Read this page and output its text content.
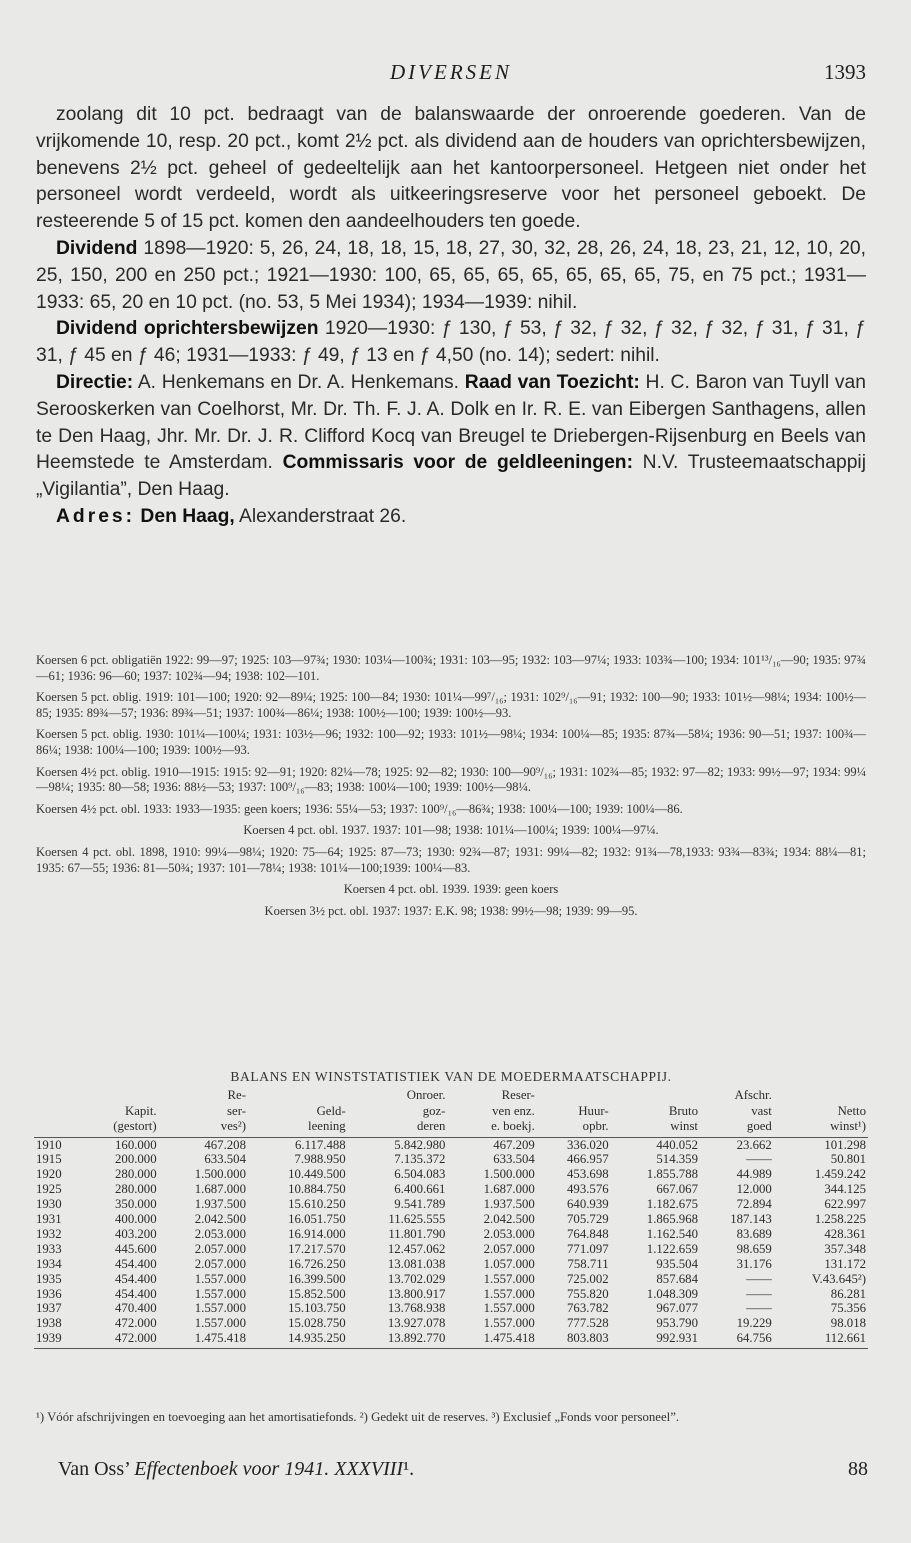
DIVERSEN	1393

zoolang dit 10 pct. bedraagt van de balanswaarde der onroerende goederen. Van de vrijkomende 10, resp. 20 pct., komt 2½ pct. als dividend aan de houders van oprichtersbewijzen, benevens 2½ pct. geheel of gedeeltelijk aan het kantoorpersoneel. Hetgeen niet onder het personeel wordt verdeeld, wordt als uitkeeringsreserve voor het personeel geboekt. De resteerende 5 of 15 pct. komen den aandeelhouders ten goede.

Dividend 1898—1920: 5, 26, 24, 18, 18, 15, 18, 27, 30, 32, 28, 26, 24, 18, 23, 21, 12, 10, 20, 25, 150, 200 en 250 pct.; 1921—1930: 100, 65, 65, 65, 65, 65, 65, 65, 75, en 75 pct.; 1931—1933: 65, 20 en 10 pct. (no. 53, 5 Mei 1934); 1934—1939: nihil.

Dividend oprichtersbewijzen 1920—1930: ƒ 130, ƒ 53, ƒ 32, ƒ 32, ƒ 32, ƒ 32, ƒ 31, ƒ 31, ƒ 31, ƒ 45 en ƒ 46; 1931—1933: ƒ 49, ƒ 13 en ƒ 4,50 (no. 14); sedert: nihil.

Directie: A. Henkemans en Dr. A. Henkemans. Raad van Toezicht: H. C. Baron van Tuyll van Serooskerken van Coelhorst, Mr. Dr. Th. F. J. A. Dolk en Ir. R. E. van Eibergen Santhagens, allen te Den Haag, Jhr. Mr. Dr. J. R. Clifford Kocq van Breugel te Driebergen-Rijsenburg en Beels van Heemstede te Amsterdam. Commissaris voor de geldleeningen: N.V. Trusteemaatschappij „Vigilantia”, Den Haag.

Adres: Den Haag, Alexanderstraat 26.

Koersen 6 pct. obligatiën 1922: 99—97; 1925: 103—97¾; 1930: 103¼—100¾; 1931: 103—95; 1932: 103—97¼; 1933: 103¾—100; 1934: 101¹³/₁₆—90; 1935: 97¾—61; 1936: 96—60; 1937: 102¾—94; 1938: 102—101.
Koersen 5 pct. oblig. 1919: 101—100; 1920: 92—89¼; 1925: 100—84; 1930: 101¼—99⁷/₁₆; 1931: 102⁹/₁₆—91; 1932: 100—90; 1933: 101½—98¼; 1934: 100½—85; 1935: 89¾—57; 1936: 89¾—51; 1937: 100¾—86¼; 1938: 100½—100; 1939: 100½—93.
Koersen 5 pct. oblig. 1930: 101¼—100¼; 1931: 103½—96; 1932: 100—92; 1933: 101½—98¼; 1934: 100¼—85; 1935: 87¾—58¼; 1936: 90—51; 1937: 100¾—86¼; 1938: 100¼—100; 1939: 100½—93.
Koersen 4½ pct. oblig. 1910—1915: 1915: 92—91; 1920: 82¼—78; 1925: 92—82; 1930: 100—90⁹/₁₆; 1931: 102¾—85; 1932: 97—82; 1933: 99½—97; 1934: 99¼—98¼; 1935: 80—58; 1936: 88½—53; 1937: 100⁹/₁₆—83; 1938: 100¼—100; 1939: 100½—98¼.
Koersen 4½ pct. obl. 1933: 1933—1935: geen koers; 1936: 55¼—53; 1937: 100⁹/₁₆—86¾; 1938: 100¼—100; 1939: 100¼—86.
Koersen 4 pct. obl. 1937. 1937: 101—98; 1938: 101¼—100¼; 1939: 100¼—97¼.
Koersen 4 pct. obl. 1898, 1910: 99¼—98¼; 1920: 75—64; 1925: 87—73; 1930: 92¾—87; 1931: 99¼—82; 1932: 91¾—78,1933: 93¾—83¾; 1934: 88¼—81; 1935: 67—55; 1936: 81—50¾; 1937: 101—78¼; 1938: 101¼—100;1939: 100¼—83.
Koersen 4 pct. obl. 1939. 1939: geen koers
Koersen 3½ pct. obl. 1937: 1937: E.K. 98; 1938: 99½—98; 1939: 99—95.
BALANS EN WINSTSTATISTIEK VAN DE MOEDERMAATSCHAPPIJ.
		Re-		Onroer.	Reser-			Afschr.	
	Kapit.	ser-	Geld-	goz-	ven enz.	Huur-	Bruto	vast	Netto
	(gestort)	ves²)	leening	deren	e. boekj.	opbr.	winst	goed	winst¹)
1910	160.000	467.208	6.117.488	5.842.980	467.209	336.020	440.052	23.662	101.298
1915	200.000	633.504	7.988.950	7.135.372	633.504	466.957	514.359	——	50.801
1920	280.000	1.500.000	10.449.500	6.504.083	1.500.000	453.698	1.855.788	44.989	1.459.242
1925	280.000	1.687.000	10.884.750	6.400.661	1.687.000	493.576	667.067	12.000	344.125
1930	350.000	1.937.500	15.610.250	9.541.789	1.937.500	640.939	1.182.675	72.894	622.997
1931	400.000	2.042.500	16.051.750	11.625.555	2.042.500	705.729	1.865.968	187.143	1.258.225
1932	403.200	2.053.000	16.914.000	11.801.790	2.053.000	764.848	1.162.540	83.689	428.361
1933	445.600	2.057.000	17.217.570	12.457.062	2.057.000	771.097	1.122.659	98.659	357.348
1934	454.400	2.057.000	16.726.250	13.081.038	1.057.000	758.711	935.504	31.176	131.172
1935	454.400	1.557.000	16.399.500	13.702.029	1.557.000	725.002	857.684	——	V.43.645²)
1936	454.400	1.557.000	15.852.500	13.800.917	1.557.000	755.820	1.048.309	——	86.281
1937	470.400	1.557.000	15.103.750	13.768.938	1.557.000	763.782	967.077	——	75.356
1938	472.000	1.557.000	15.028.750	13.927.078	1.557.000	777.528	953.790	19.229	98.018
1939	472.000	1.475.418	14.935.250	13.892.770	1.475.418	803.803	992.931	64.756	112.661
¹) Vóór afschrijvingen en toevoeging aan het amortisatiefonds. ²) Gedekt uit de reserves. ³) Exclusief „Fonds voor personeel”.
Van Oss’ Effectenboek voor 1941. XXXVIII¹.	88
